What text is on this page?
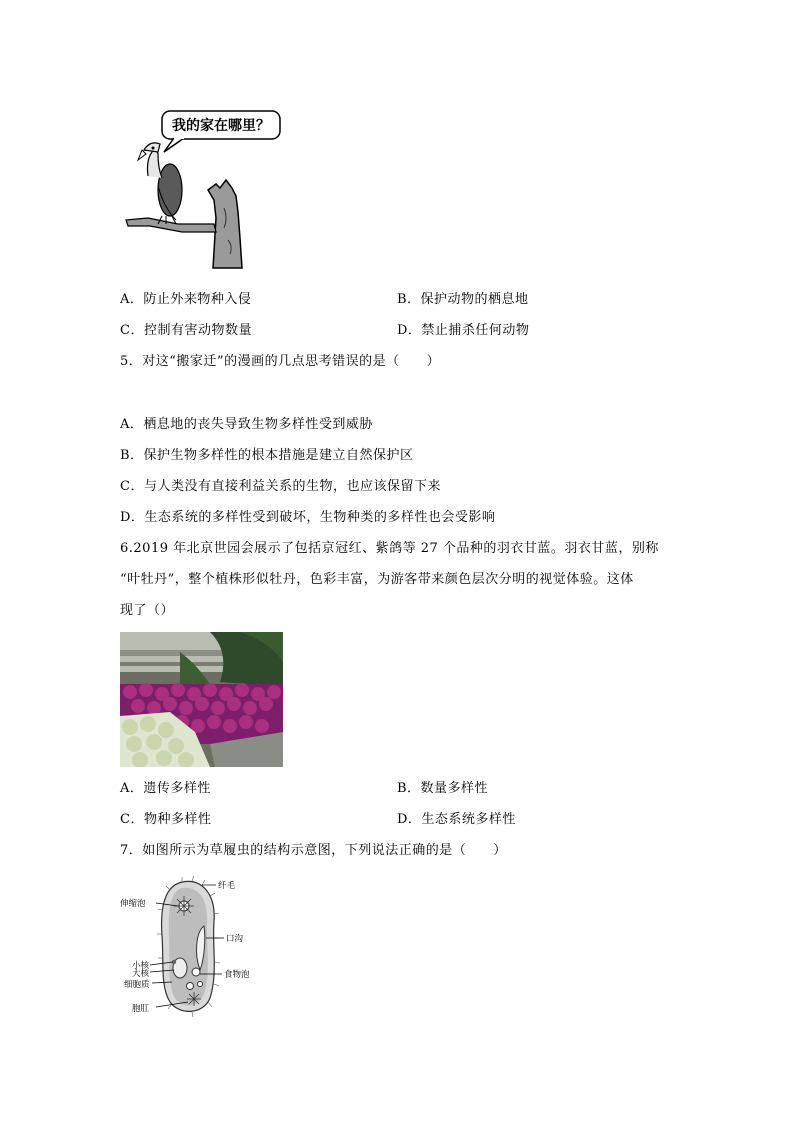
我的家在哪里？
A．防止外来物种入侵	B．保护动物的栖息地
C．控制有害动物数量	D．禁止捕杀任何动物
5．对这“搬家迁”的漫画的几点思考错误的是（　　）
A．栖息地的丧失导致生物多样性受到威胁
B．保护生物多样性的根本措施是建立自然保护区
C．与人类没有直接利益关系的生物，也应该保留下来
D．生态系统的多样性受到破坏，生物种类的多样性也会受影响
6.2019 年北京世园会展示了包括京冠红、紫鸽等 27 个品种的羽衣甘蓝。羽衣甘蓝，别称
“叶牡丹”，整个植株形似牡丹，色彩丰富，为游客带来颜色层次分明的视觉体验。这体
现了（）
A．遗传多样性	B．数量多样性
C．物种多样性	D．生态系统多样性
7．如图所示为草履虫的结构示意图，下列说法正确的是（　　）
纤毛
伸缩泡
口沟
小核
大核
细胞质
食物泡
胞肛
